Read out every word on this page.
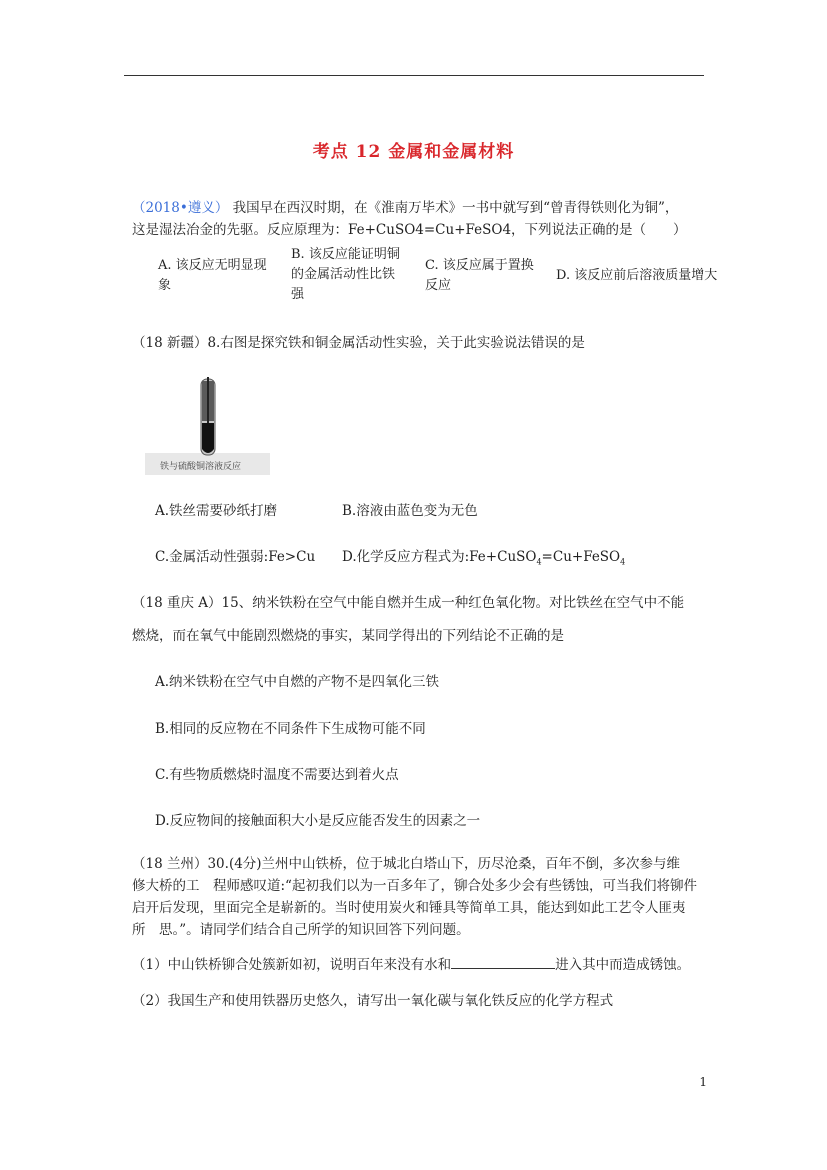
考点 12 金属和金属材料
（2018•遵义） 我国早在西汉时期，在《淮南万毕术》一书中就写到“曾青得铁则化为铜”，
这是湿法冶金的先驱。反应原理为：Fe+CuSO4=Cu+FeSO4，下列说法正确的是（　　）
A. 该反应无明显现
象
B. 该反应能证明铜
的金属活动性比铁
强
C. 该反应属于置换
反应
D. 该反应前后溶液质量增大
（18 新疆）8.右图是探究铁和铜金属活动性实验，关于此实验说法错误的是
铁与硫酸铜溶液反应
A.铁丝需要砂纸打磨	B.溶液由蓝色变为无色
C.金属活动性强弱:Fe>Cu D.化学反应方程式为:Fe+CuSO$_4$=Cu+FeSO$_4$
（18 重庆 A）15、纳米铁粉在空气中能自燃并生成一种红色氧化物。对比铁丝在空气中不能
燃烧，而在氧气中能剧烈燃烧的事实，某同学得出的下列结论不正确的是
A.纳米铁粉在空气中自燃的产物不是四氧化三铁
B.相同的反应物在不同条件下生成物可能不同
C.有些物质燃烧时温度不需要达到着火点
D.反应物间的接触面积大小是反应能否发生的因素之一
（18 兰州）30.(4分)兰州中山铁桥，位于城北白塔山下，历尽沧桑，百年不倒，多次参与维
修大桥的工　程师感叹道:“起初我们以为一百多年了，铆合处多少会有些锈蚀，可当我们将铆件
启开后发现，里面完全是崭新的。当时使用炭火和锤具等简单工具，能达到如此工艺令人匪夷
所　思。”。请同学们结合自己所学的知识回答下列问题。
（1）中山铁桥铆合处簇新如初，说明百年来没有水和	进入其中而造成锈蚀。
（2）我国生产和使用铁器历史悠久，请写出一氧化碳与氧化铁反应的化学方程式
1
